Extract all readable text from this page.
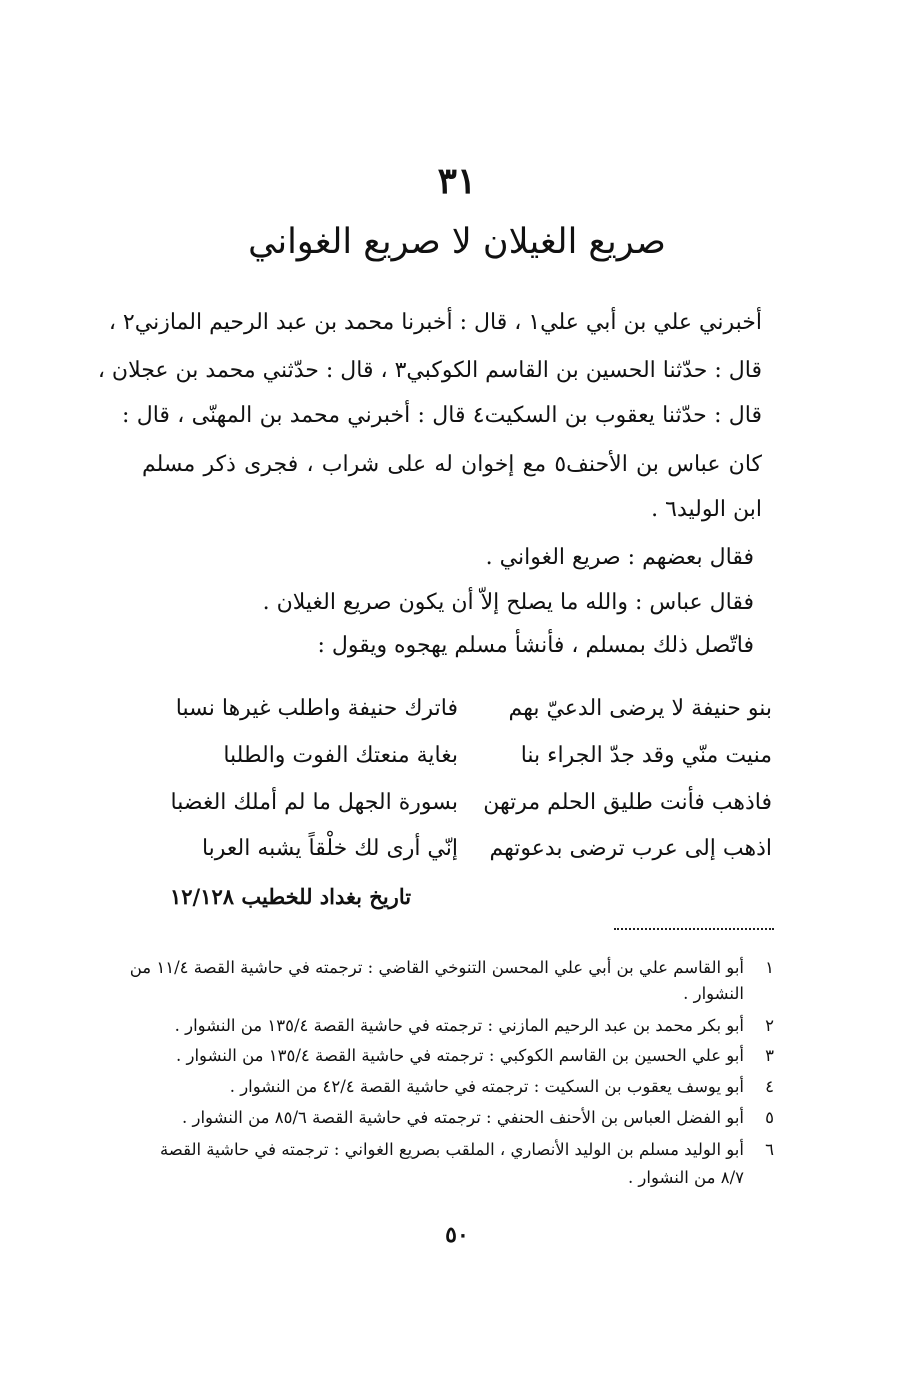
٣١
صريع الغيلان لا صريع الغواني
أخبرني علي بن أبي علي١ ، قال : أخبرنا محمد بن عبد الرحيم المازني٢ ،
قال : حدّثنا الحسين بن القاسم الكوكبي٣ ، قال : حدّثني محمد بن عجلان ،
قال : حدّثنا يعقوب بن السكيت٤ قال : أخبرني محمد بن المهنّى ، قال :
كان عباس بن الأحنف٥ مع إخوان له على شراب ، فجرى ذكر مسلم
ابن الوليد٦ .
فقال بعضهم : صريع الغواني .
فقال عباس : والله ما يصلح إلاّ أن يكون صريع الغيلان .
فاتّصل ذلك بمسلم ، فأنشأ مسلم يهجوه ويقول :
بنو حنيفة لا يرضى الدعيّ بهم
فاترك حنيفة واطلب غيرها نسبا
منيت منّي وقد جدّ الجراء بنا
بغاية منعتك الفوت والطلبا
فاذهب فأنت طليق الحلم مرتهن
بسورة الجهل ما لم أملك الغضبا
اذهب إلى عرب ترضى بدعوتهم
إنّي أرى لك خلْقاً يشبه العربا
تاريخ بغداد للخطيب ١٢/١٢٨
١أبو القاسم علي بن أبي علي المحسن التنوخي القاضي : ترجمته في حاشية القصة ١١/٤ من
النشوار .
٢أبو بكر محمد بن عبد الرحيم المازني : ترجمته في حاشية القصة ١٣٥/٤ من النشوار .
٣أبو علي الحسين بن القاسم الكوكبي : ترجمته في حاشية القصة ١٣٥/٤ من النشوار .
٤أبو يوسف يعقوب بن السكيت : ترجمته في حاشية القصة ٤٢/٤ من النشوار .
٥أبو الفضل العباس بن الأحنف الحنفي : ترجمته في حاشية القصة ٨٥/٦ من النشوار .
٦أبو الوليد مسلم بن الوليد الأنصاري ، الملقب بصريع الغواني : ترجمته في حاشية القصة
٨/٧ من النشوار .
٥٠
